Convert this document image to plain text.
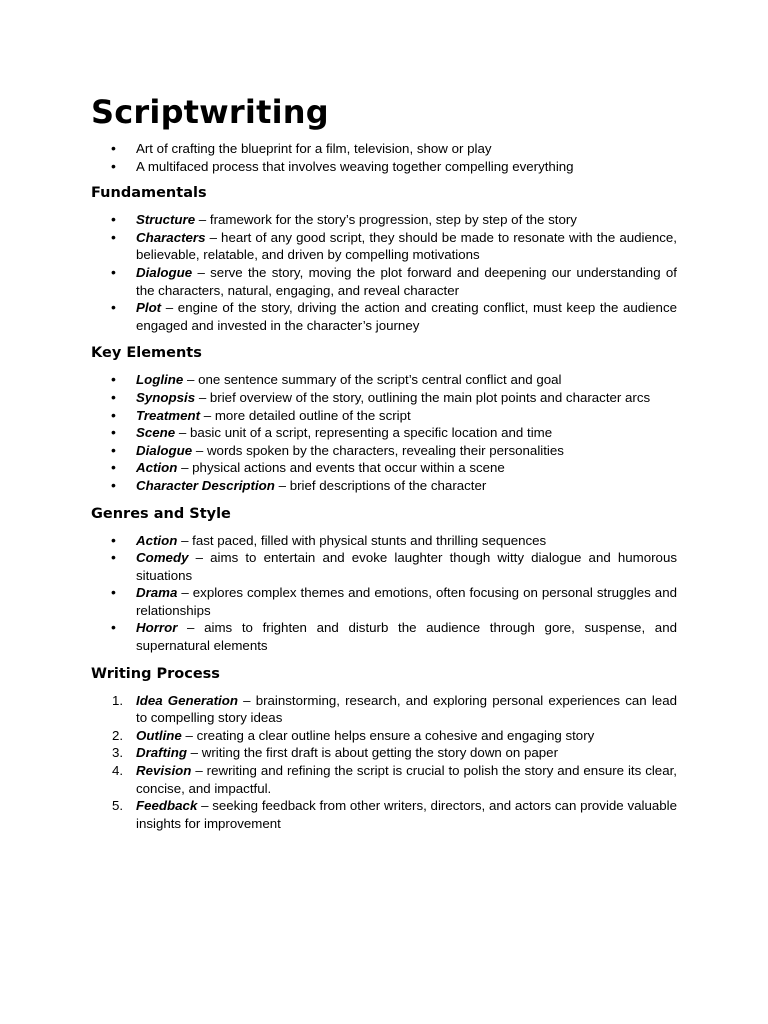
Scriptwriting
• Art of crafting the blueprint for a film, television, show or play
• A multifaced process that involves weaving together compelling everything
Fundamentals
• Structure – framework for the story’s progression, step by step of the story
• Characters – heart of any good script, they should be made to resonate with the audience, believable, relatable, and driven by compelling motivations
• Dialogue – serve the story, moving the plot forward and deepening our understanding of the characters, natural, engaging, and reveal character
• Plot – engine of the story, driving the action and creating conflict, must keep the audience engaged and invested in the character’s journey
Key Elements
• Logline – one sentence summary of the script’s central conflict and goal
• Synopsis – brief overview of the story, outlining the main plot points and character arcs
• Treatment – more detailed outline of the script
• Scene – basic unit of a script, representing a specific location and time
• Dialogue – words spoken by the characters, revealing their personalities
• Action – physical actions and events that occur within a scene
• Character Description – brief descriptions of the character
Genres and Style
• Action – fast paced, filled with physical stunts and thrilling sequences
• Comedy – aims to entertain and evoke laughter though witty dialogue and humorous situations
• Drama – explores complex themes and emotions, often focusing on personal struggles and relationships
• Horror – aims to frighten and disturb the audience through gore, suspense, and supernatural elements
Writing Process
1. Idea Generation – brainstorming, research, and exploring personal experiences can lead to compelling story ideas
2. Outline – creating a clear outline helps ensure a cohesive and engaging story
3. Drafting – writing the first draft is about getting the story down on paper
4. Revision – rewriting and refining the script is crucial to polish the story and ensure its clear, concise, and impactful.
5. Feedback – seeking feedback from other writers, directors, and actors can provide valuable insights for improvement
